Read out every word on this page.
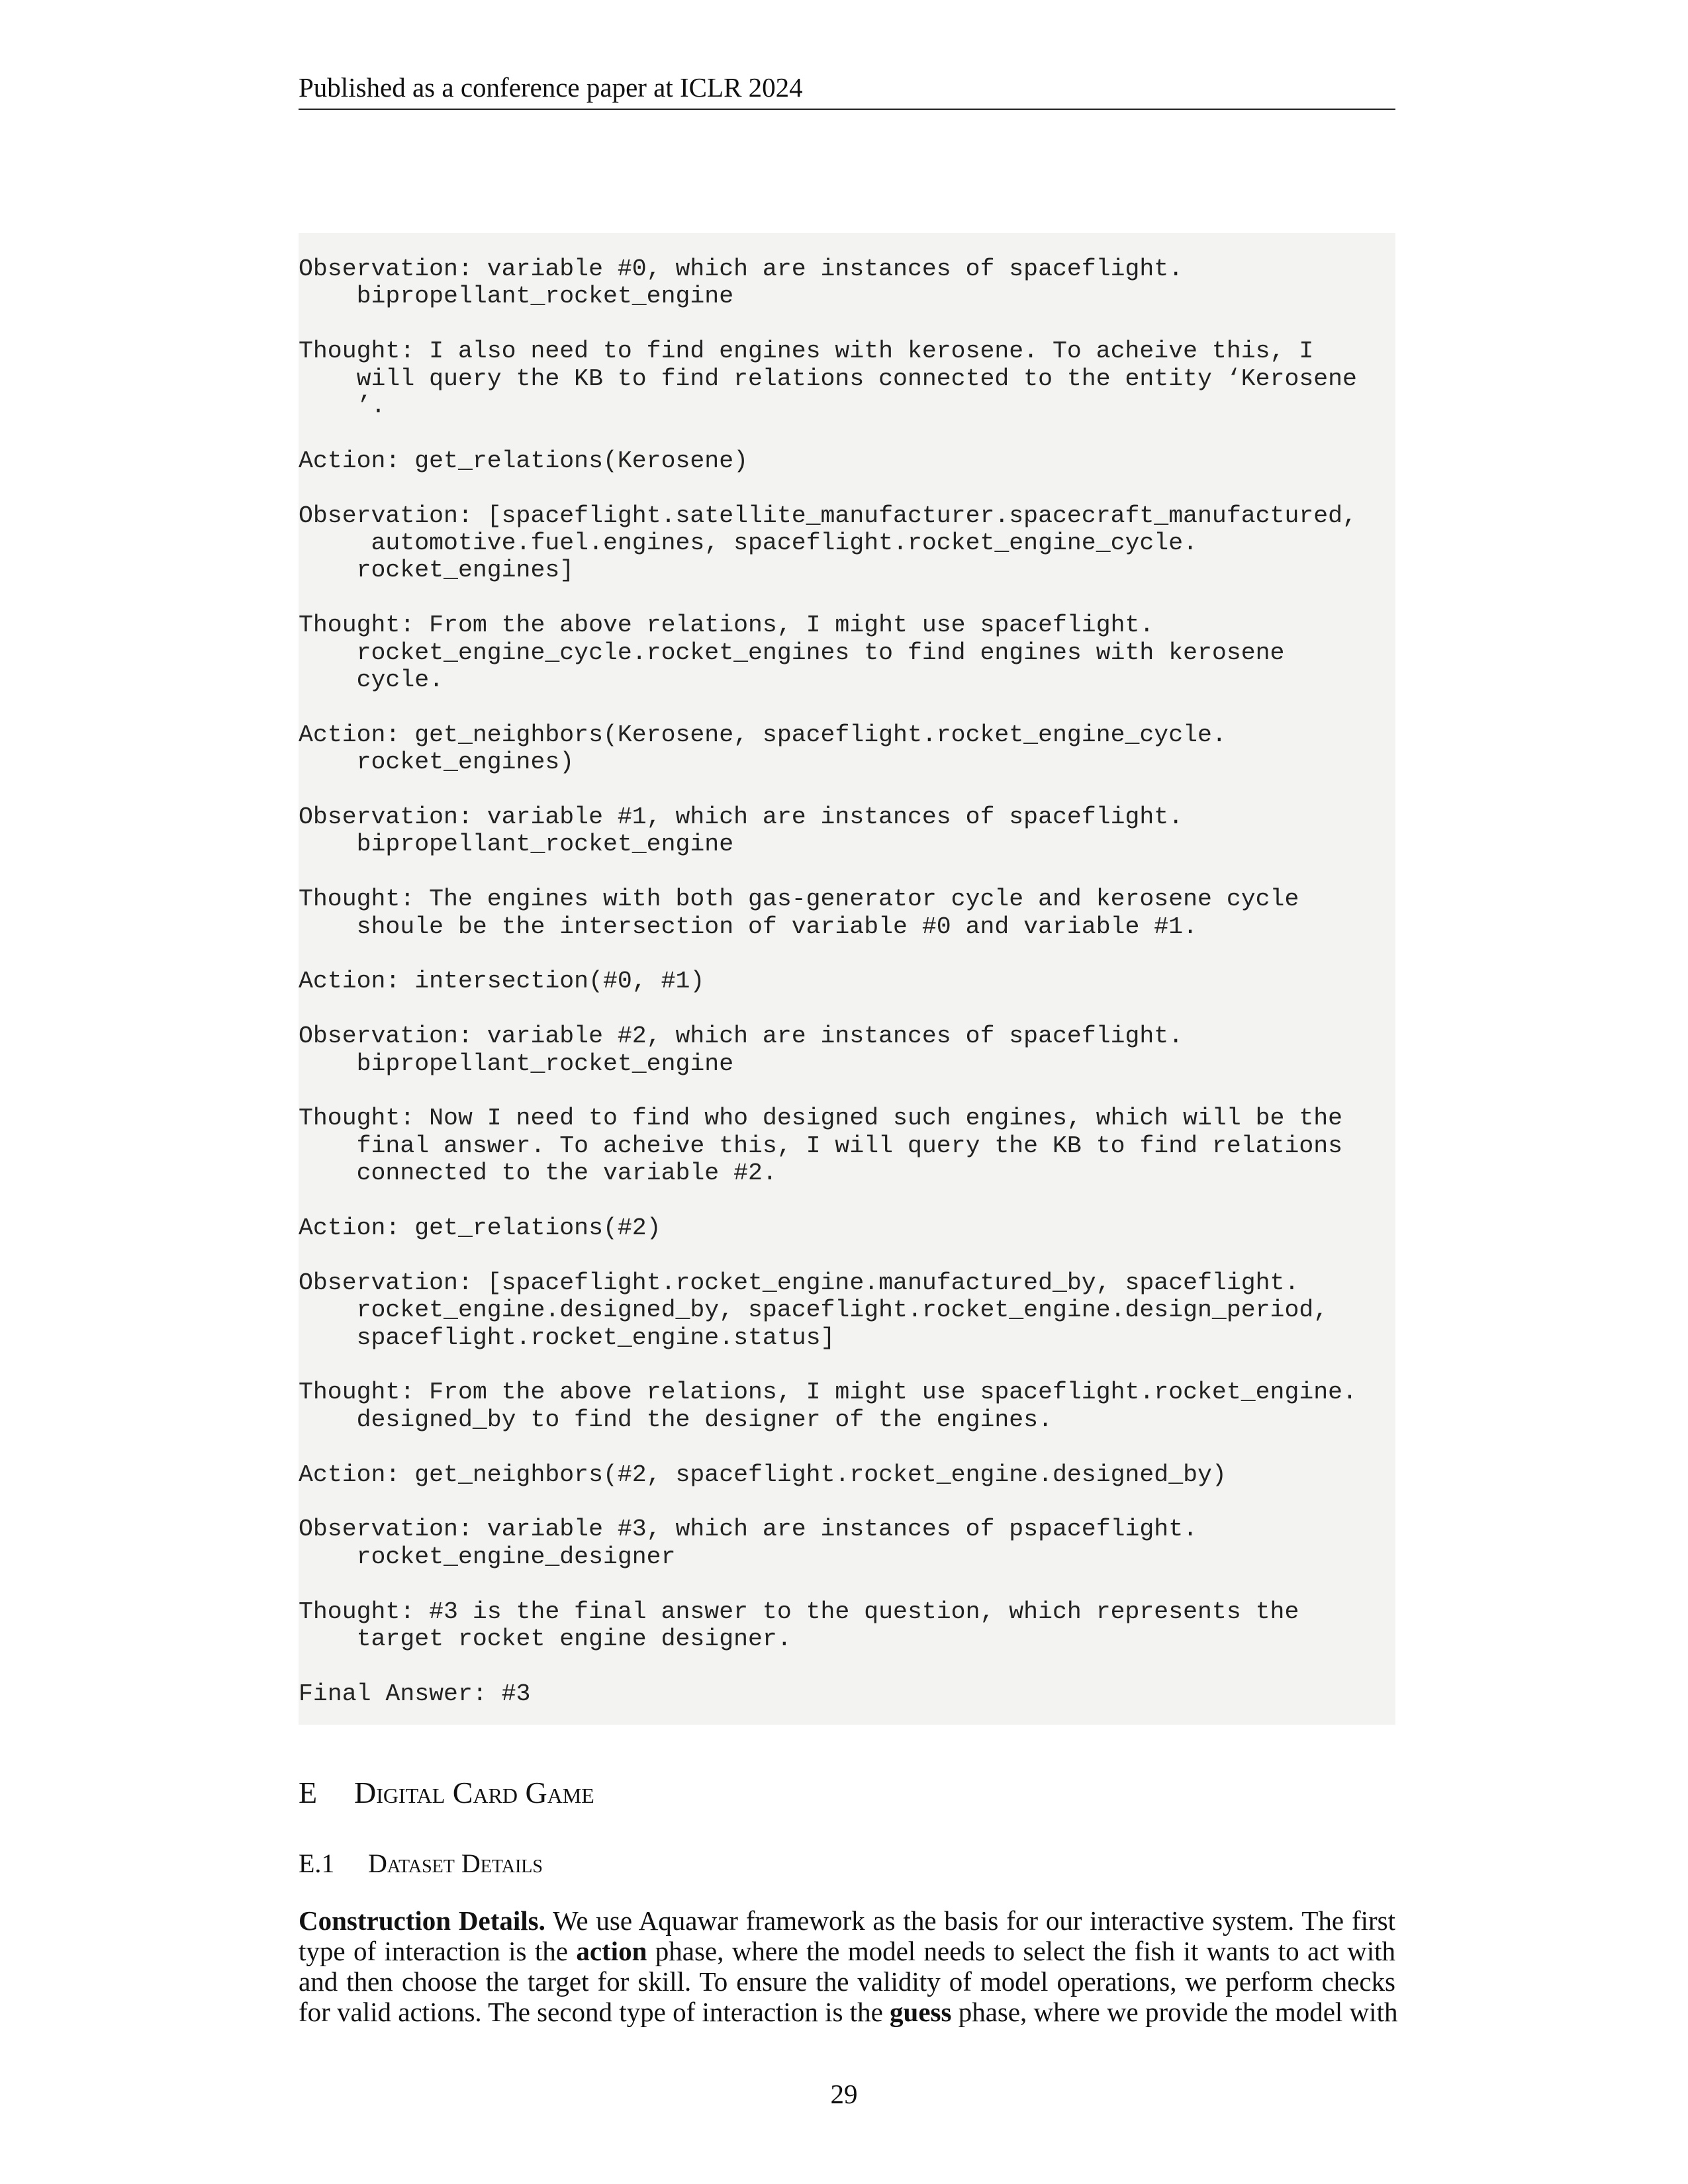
Published as a conference paper at ICLR 2024
Observation: variable #0, which are instances of spaceflight.
bipropellant_rocket_engine
Thought: I also need to find engines with kerosene. To acheive this, I
will query the KB to find relations connected to the entity ‘Kerosene
’.
Action: get_relations(Kerosene)
Observation: [spaceflight.satellite_manufacturer.spacecraft_manufactured,
automotive.fuel.engines, spaceflight.rocket_engine_cycle.
rocket_engines]
Thought: From the above relations, I might use spaceflight.
rocket_engine_cycle.rocket_engines to find engines with kerosene
cycle.
Action: get_neighbors(Kerosene, spaceflight.rocket_engine_cycle.
rocket_engines)
Observation: variable #1, which are instances of spaceflight.
bipropellant_rocket_engine
Thought: The engines with both gas-generator cycle and kerosene cycle
shoule be the intersection of variable #0 and variable #1.
Action: intersection(#0, #1)
Observation: variable #2, which are instances of spaceflight.
bipropellant_rocket_engine
Thought: Now I need to find who designed such engines, which will be the
final answer. To acheive this, I will query the KB to find relations
connected to the variable #2.
Action: get_relations(#2)
Observation: [spaceflight.rocket_engine.manufactured_by, spaceflight.
rocket_engine.designed_by, spaceflight.rocket_engine.design_period,
spaceflight.rocket_engine.status]
Thought: From the above relations, I might use spaceflight.rocket_engine.
designed_by to find the designer of the engines.
Action: get_neighbors(#2, spaceflight.rocket_engine.designed_by)
Observation: variable #3, which are instances of pspaceflight.
rocket_engine_designer
Thought: #3 is the final answer to the question, which represents the
target rocket engine designer.
Final Answer: #3
E Digital Card Game
E.1 Dataset Details
Construction Details. We use Aquawar framework as the basis for our interactive system. The first
type of interaction is the action phase, where the model needs to select the fish it wants to act with
and then choose the target for skill. To ensure the validity of model operations, we perform checks
for valid actions. The second type of interaction is the guess phase, where we provide the model with
29
